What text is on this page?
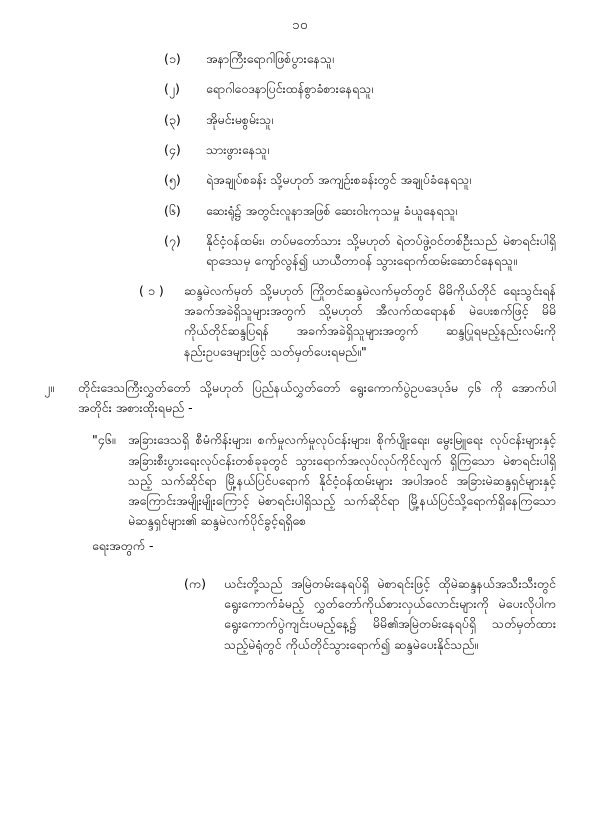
၁၀
(၁)	အနာကြီးရောဂါဖြစ်ပွားနေသူ၊
(၂)	ရောဂါဝေဒနာပြင်းထန်စွာခံစားနေရသူ၊
(၃)	အိုမင်းမစွမ်းသူ၊
(၄)	သားဖွားနေသူ၊
(၅)	ရဲအချုပ်စခန်း သို့မဟုတ် အကျဉ်းစခန်းတွင် အချုပ်ခံနေရသူ၊
(၆)	ဆေးရုံ၌ အတွင်းလူနာအဖြစ် ဆေးဝါးကုသမှု ခံယူနေရသူ၊
(၇)	နိုင်ငံ့ဝန်ထမ်း၊ တပ်မတော်သား သို့မဟုတ် ရဲတပ်ဖွဲ့ဝင်တစ်ဦးသည် မဲစာရင်းပါရှိရာဒေသမှ ကျော်လွန်၍ ယာယီတာဝန် သွားရောက်ထမ်းဆောင်နေရသူ။
( ၁ )	ဆန္ဒမဲလက်မှတ် သို့မဟုတ် ကြိုတင်ဆန္ဒမဲလက်မှတ်တွင် မိမိကိုယ်တိုင် ရေးသွင်းရန် အခက်အခဲရှိသူများအတွက် သို့မဟုတ် အီလက်ထရောနစ် မဲပေးစက်ဖြင့် မိမိကိုယ်တိုင်ဆန္ဒပြရန် အခက်အခဲရှိသူများအတွက် ဆန္ဒပြုရမည့်နည်းလမ်းကို နည်းဥပဒေများဖြင့် သတ်မှတ်ပေးရမည်။"
၂။	တိုင်းဒေသကြီးလွှတ်တော် သို့မဟုတ် ပြည်နယ်လွှတ်တော် ရွေးကောက်ပွဲဥပဒေပုဒ်မ ၄၆ ကို အောက်ပါအတိုင်း အစားထိုးရမည် -
"၄၆။ အခြားဒေသရှိ စီမံကိန်းများ၊ စက်မှုလက်မှုလုပ်ငန်းများ၊ စိုက်ပျိုးရေး၊ မွေးမြူရေး လုပ်ငန်းများနှင့် အခြားစီးပွားရေးလုပ်ငန်းတစ်ခုခုတွင် သွားရောက်အလုပ်လုပ်ကိုင်လျက် ရှိကြသော မဲစာရင်းပါရှိသည့် သက်ဆိုင်ရာ မြို့နယ်ပြင်ပရောက် နိုင်ငံ့ဝန်ထမ်းများ အပါအဝင် အခြားမဲဆန္ဒရှင်များနှင့် အကြောင်းအမျိုးမျိုးကြောင့် မဲစာရင်းပါရှိသည့် သက်ဆိုင်ရာ မြို့နယ်ပြင်သို့ရောက်ရှိနေကြသော မဲဆန္ဒရှင်များ၏ ဆန္ဒမဲလက်ပိုင်ခွင့်ရရှိစေ
ရေးအတွက် -
(က)	ယင်းတို့သည် အမြဲတမ်းနေရပ်ရှိ မဲစာရင်းဖြင့် ထိုမဲဆန္ဒနယ်အသီးသီးတွင် ရွေးကောက်ခံမည့် လွှတ်တော်ကိုယ်စားလှယ်လောင်းများကို မဲပေးလိုပါက ရွေးကောက်ပွဲကျင်းပမည့်နေ့၌ မိမိ၏အမြဲတမ်းနေရပ်ရှိ သတ်မှတ်ထားသည့်မဲရုံတွင် ကိုယ်တိုင်သွားရောက်၍ ဆန္ဒမဲပေးနိုင်သည်။
